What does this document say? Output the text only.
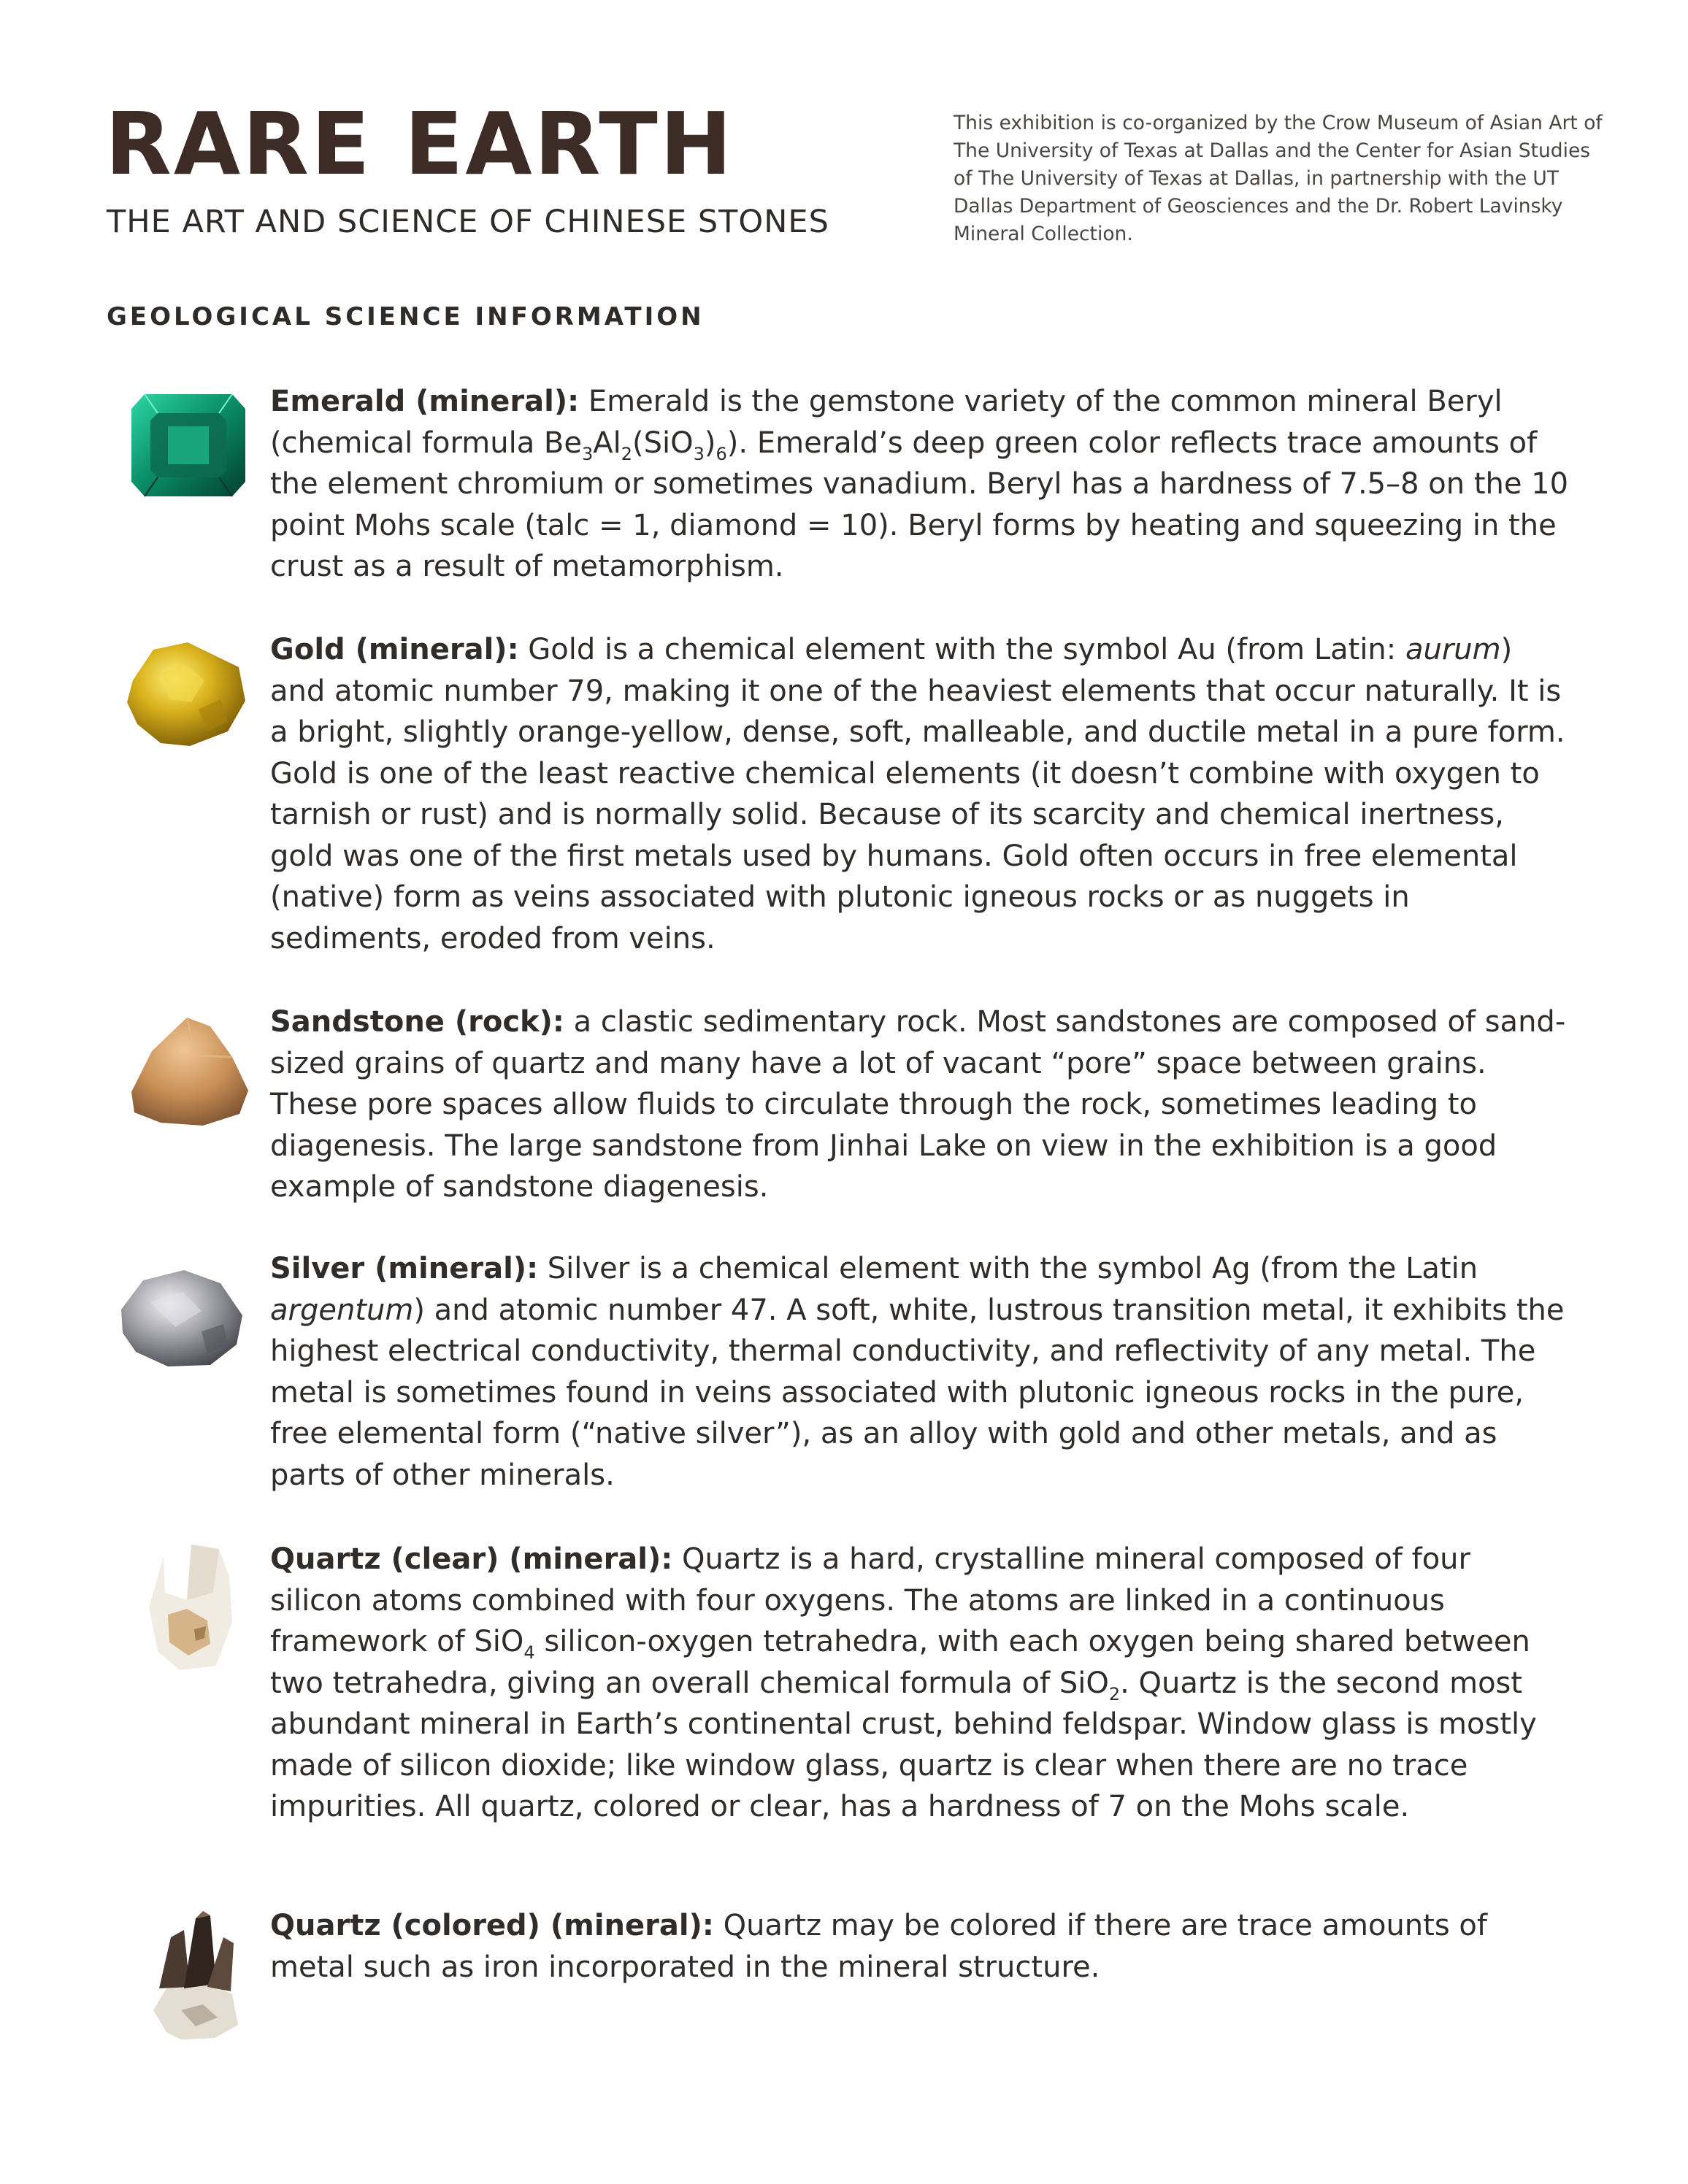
RARE EARTH
THE ART AND SCIENCE OF CHINESE STONES

This exhibition is co-organized by the Crow Museum of Asian Art of The University of Texas at Dallas and the Center for Asian Studies of The University of Texas at Dallas, in partnership with the UT Dallas Department of Geosciences and the Dr. Robert Lavinsky Mineral Collection.

GEOLOGICAL SCIENCE INFORMATION

Emerald (mineral): Emerald is the gemstone variety of the common mineral Beryl (chemical formula $Be_3Al_2(SiO_3)_6$). Emerald’s deep green color reflects trace amounts of the element chromium or sometimes vanadium. Beryl has a hardness of 7.5–8 on the 10 point Mohs scale (talc = 1, diamond = 10). Beryl forms by heating and squeezing in the crust as a result of metamorphism.

Gold (mineral): Gold is a chemical element with the symbol Au (from Latin: aurum) and atomic number 79, making it one of the heaviest elements that occur naturally. It is a bright, slightly orange-yellow, dense, soft, malleable, and ductile metal in a pure form. Gold is one of the least reactive chemical elements (it doesn’t combine with oxygen to tarnish or rust) and is normally solid. Because of its scarcity and chemical inertness, gold was one of the first metals used by humans. Gold often occurs in free elemental (native) form as veins associated with plutonic igneous rocks or as nuggets in sediments, eroded from veins.

Sandstone (rock): a clastic sedimentary rock. Most sandstones are composed of sand-sized grains of quartz and many have a lot of vacant “pore” space between grains. These pore spaces allow fluids to circulate through the rock, sometimes leading to diagenesis. The large sandstone from Jinhai Lake on view in the exhibition is a good example of sandstone diagenesis.

Silver (mineral): Silver is a chemical element with the symbol Ag (from the Latin argentum) and atomic number 47. A soft, white, lustrous transition metal, it exhibits the highest electrical conductivity, thermal conductivity, and reflectivity of any metal. The metal is sometimes found in veins associated with plutonic igneous rocks in the pure, free elemental form (“native silver”), as an alloy with gold and other metals, and as parts of other minerals.

Quartz (clear) (mineral): Quartz is a hard, crystalline mineral composed of four silicon atoms combined with four oxygens. The atoms are linked in a continuous framework of SiO$_4$ silicon-oxygen tetrahedra, with each oxygen being shared between two tetrahedra, giving an overall chemical formula of SiO$_2$. Quartz is the second most abundant mineral in Earth’s continental crust, behind feldspar. Window glass is mostly made of silicon dioxide; like window glass, quartz is clear when there are no trace impurities. All quartz, colored or clear, has a hardness of 7 on the Mohs scale.

Quartz (colored) (mineral): Quartz may be colored if there are trace amounts of metal such as iron incorporated in the mineral structure.
